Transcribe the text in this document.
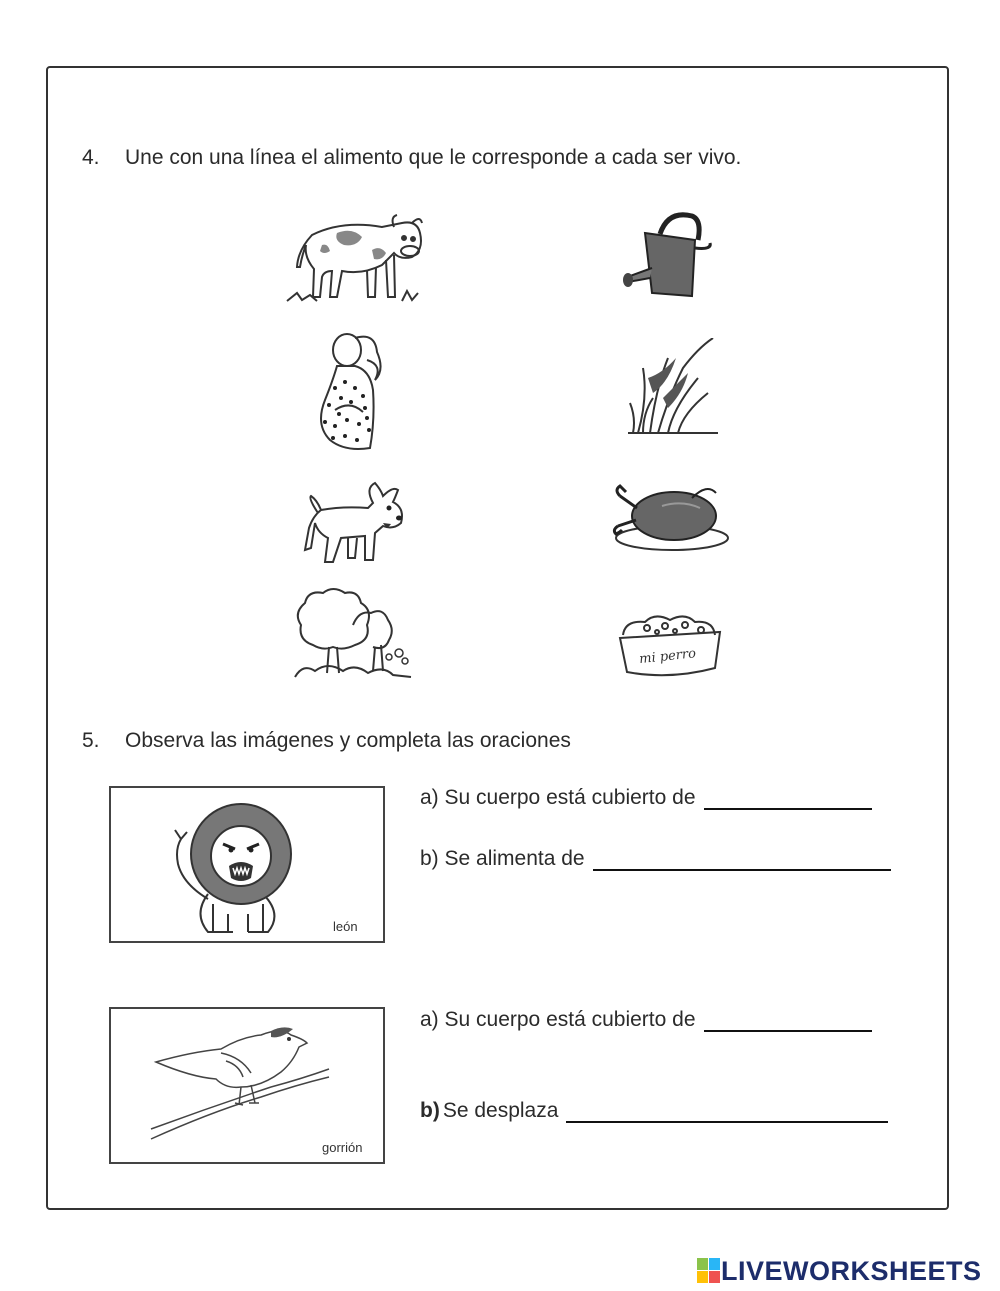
4. Une con una línea el alimento que le corresponde a cada ser vivo.
mi perro
5. Observa las imágenes y completa las oraciones
león
a) Su cuerpo está cubierto de
b) Se alimenta de
gorrión
a) Su cuerpo está cubierto de
b) Se desplaza
LIVEWORKSHEETS
